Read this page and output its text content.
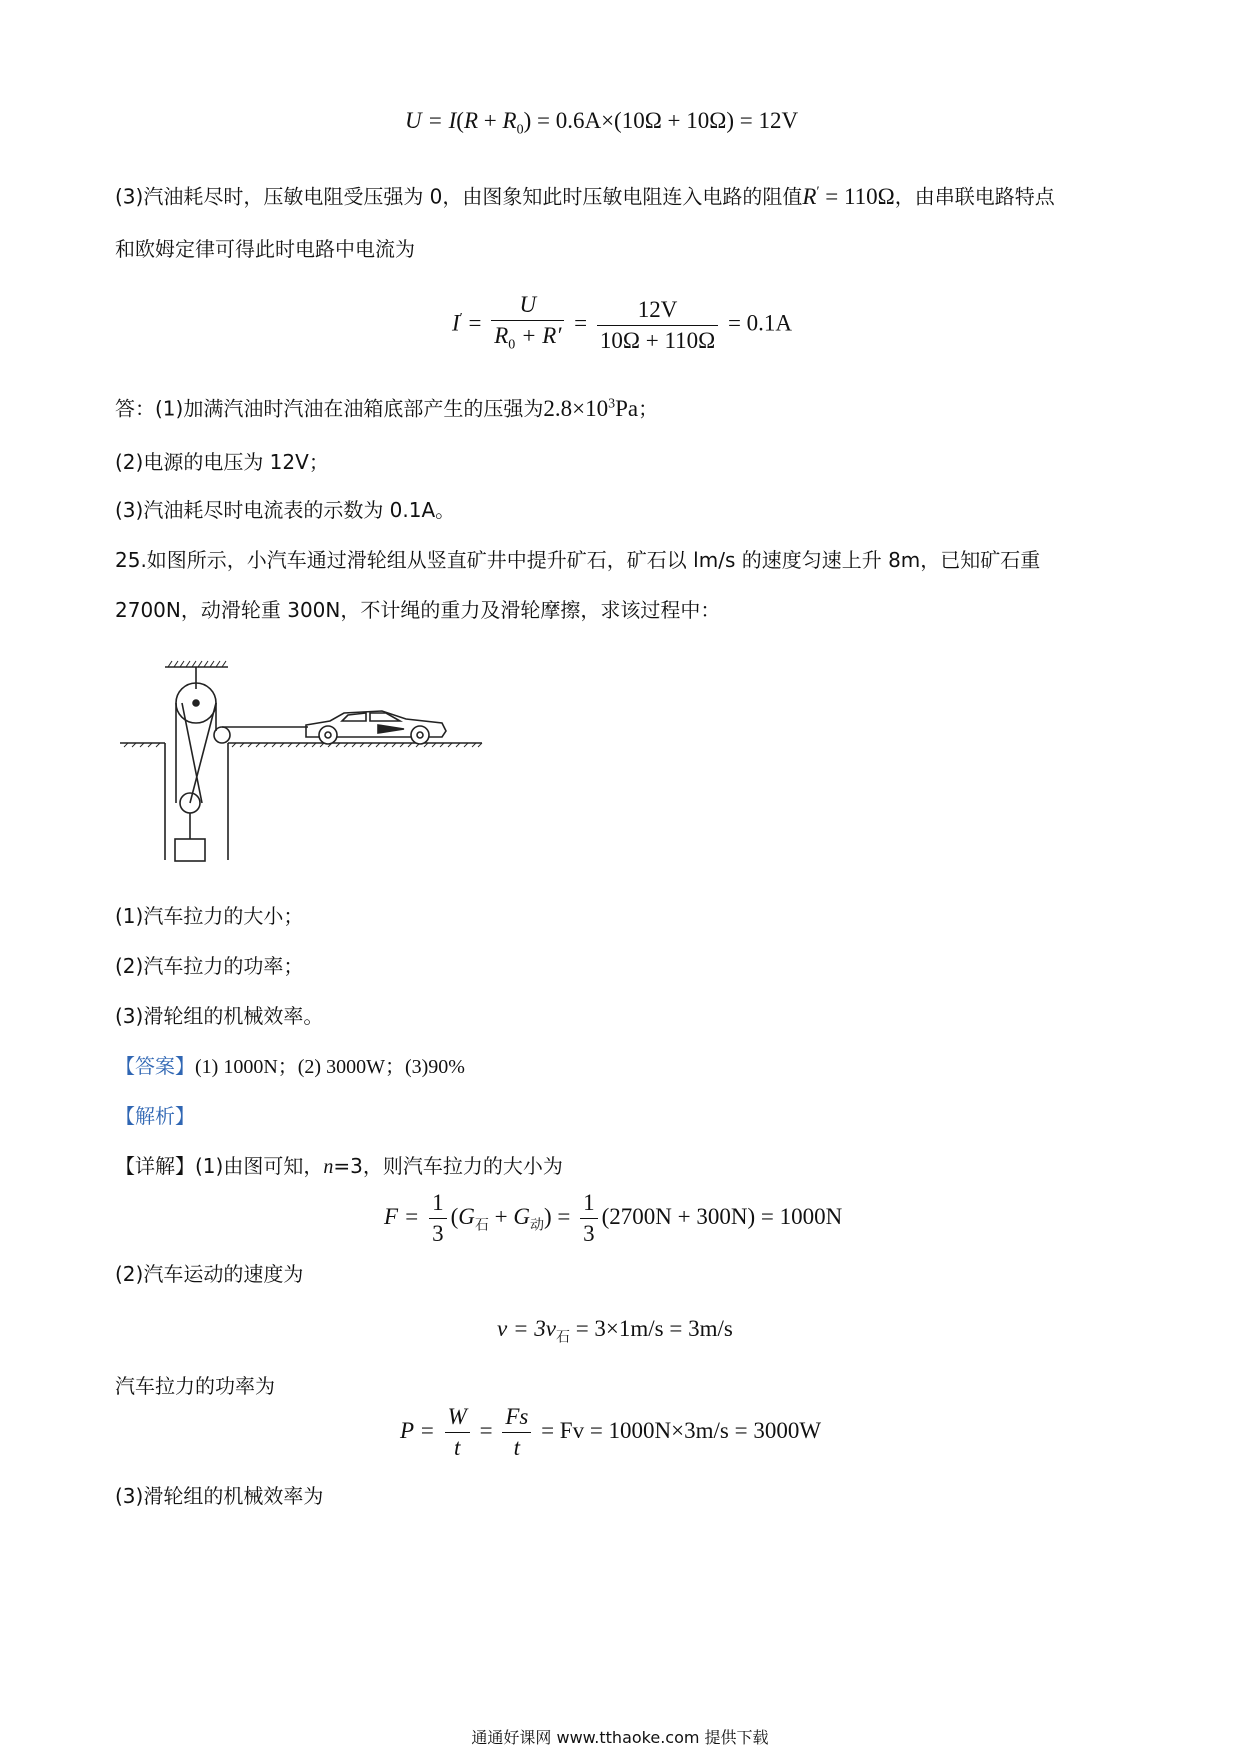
$U = I(R + R_0) = 0.6A\times(10\Omega + 10\Omega) = 12V$
(3)汽油耗尽时，压敏电阻受压强为 0，由图象知此时压敏电阻连入电路的阻值R′ = 110Ω，由串联电路特点
和欧姆定律可得此时电路中电流为
$I' = \frac{U}{R_0 + R'} = \frac{12V}{10\Omega + 110\Omega} = 0.1A$
答：(1)加满汽油时汽油在油箱底部产生的压强为$2.8\times 10^3Pa$；
(2)电源的电压为 12V；
(3)汽油耗尽时电流表的示数为 0.1A。
25.如图所示，小汽车通过滑轮组从竖直矿井中提升矿石，矿石以 lm/s 的速度匀速上升 8m，已知矿石重
2700N，动滑轮重 300N，不计绳的重力及滑轮摩擦，求该过程中：
(1)汽车拉力的大小；
(2)汽车拉力的功率；
(3)滑轮组的机械效率。
【答案】(1) 1000N；(2) 3000W；(3)90%
【解析】
【详解】(1)由图可知，n=3，则汽车拉力的大小为
$F = \frac{1}{3} (G_石 + G_动) = \frac{1}{3} (2700N + 300N) = 1000N$
(2)汽车运动的速度为
$v = 3v_石 = 3\times 1m/s = 3m/s$
汽车拉力的功率为
$P = \frac{W}{t} = \frac{Fs}{t} = Fv = 1000N\times 3m/s = 3000W$
(3)滑轮组的机械效率为
通通好课网 www.tthaoke.com 提供下载
